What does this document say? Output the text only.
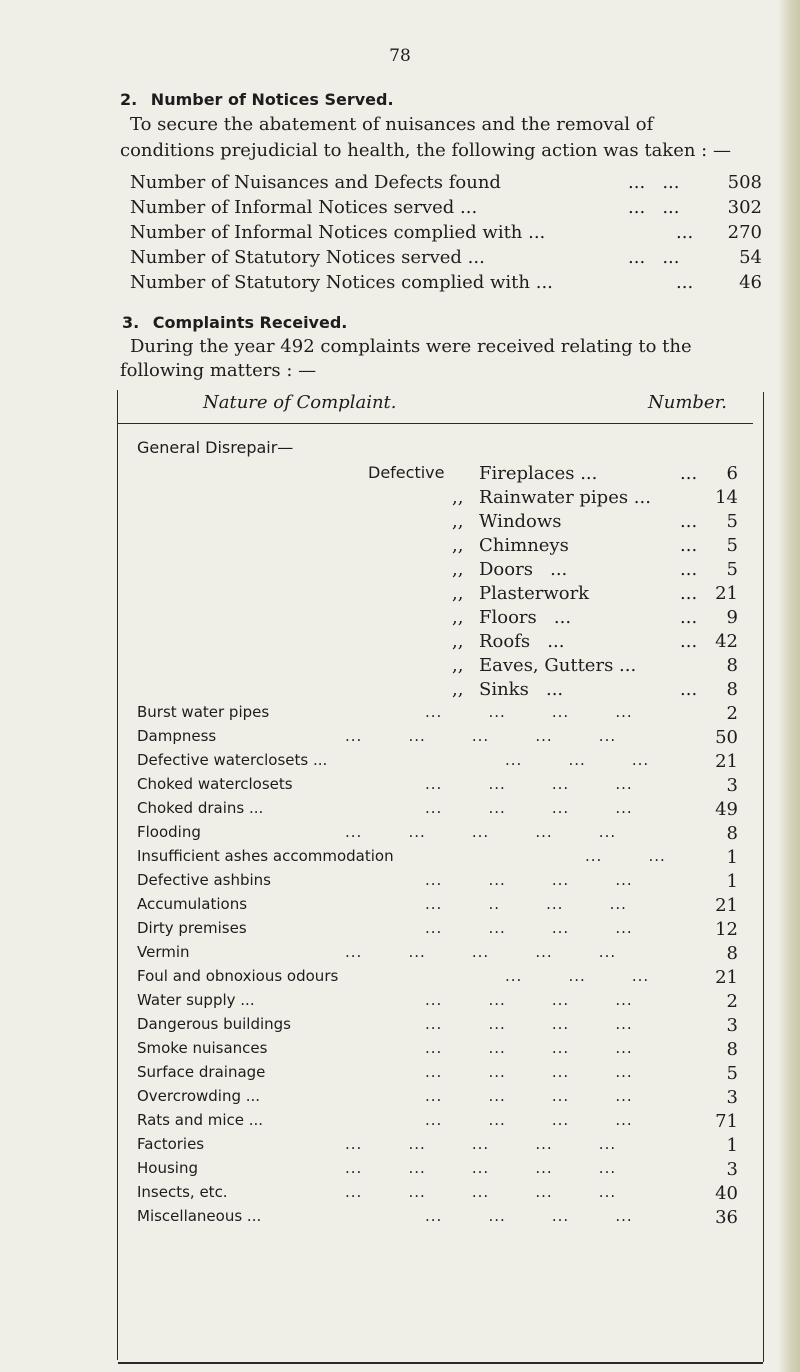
78
2. Number of Notices Served.
To secure the abatement of nuisances and the removal of
conditions prejudicial to health, the following action was taken : —
Number of Nuisances and Defects found	...   ...	508
Number of Informal Notices served ...	...   ...	302
Number of Informal Notices complied with ...	...	270
Number of Statutory Notices served ...	...   ...	54
Number of Statutory Notices complied with ...	...	46
3. Complaints Received.
During the year 492 complaints were received relating to the
following matters : —
Nature of Complaint.	Number.
General Disrepair—
Defective Fireplaces ...	...	6
,, Rainwater pipes ...	14
,, Windows	...	5
,, Chimneys	...	5
,, Doors   ...	...	5
,, Plasterwork	... 21
,, Floors   ...	...	9
,, Roofs   ...	... 42
,, Eaves, Gutters ...	8
,, Sinks   ...	...	8
Burst water pipes	...        ...        ...        ...	2
Dampness	...        ...        ...        ...        ...	50
Defective waterclosets ...	...        ...        ...	21
Choked waterclosets	...        ...        ...        ...	3
Choked drains ...	...        ...        ...        ...	49
Flooding	...        ...        ...        ...        ...	8
Insufficient ashes accommodation	...        ...	1
Defective ashbins	...        ...        ...        ...	1
Accumulations	...        ..        ...        ...	21
Dirty premises	...        ...        ...        ...	12
Vermin	...        ...        ...        ...        ...	8
Foul and obnoxious odours	...        ...        ...	21
Water supply ...	...        ...        ...        ...	2
Dangerous buildings	...        ...        ...        ...	3
Smoke nuisances	...        ...        ...        ...	8
Surface drainage	...        ...        ...        ...	5
Overcrowding ...	...        ...        ...        ...	3
Rats and mice ...	...        ...        ...        ...	71
Factories	...        ...        ...        ...        ...	1
Housing	...        ...        ...        ...        ...	3
Insects, etc.	...        ...        ...        ...        ...	40
Miscellaneous ...	...        ...        ...        ...	36
